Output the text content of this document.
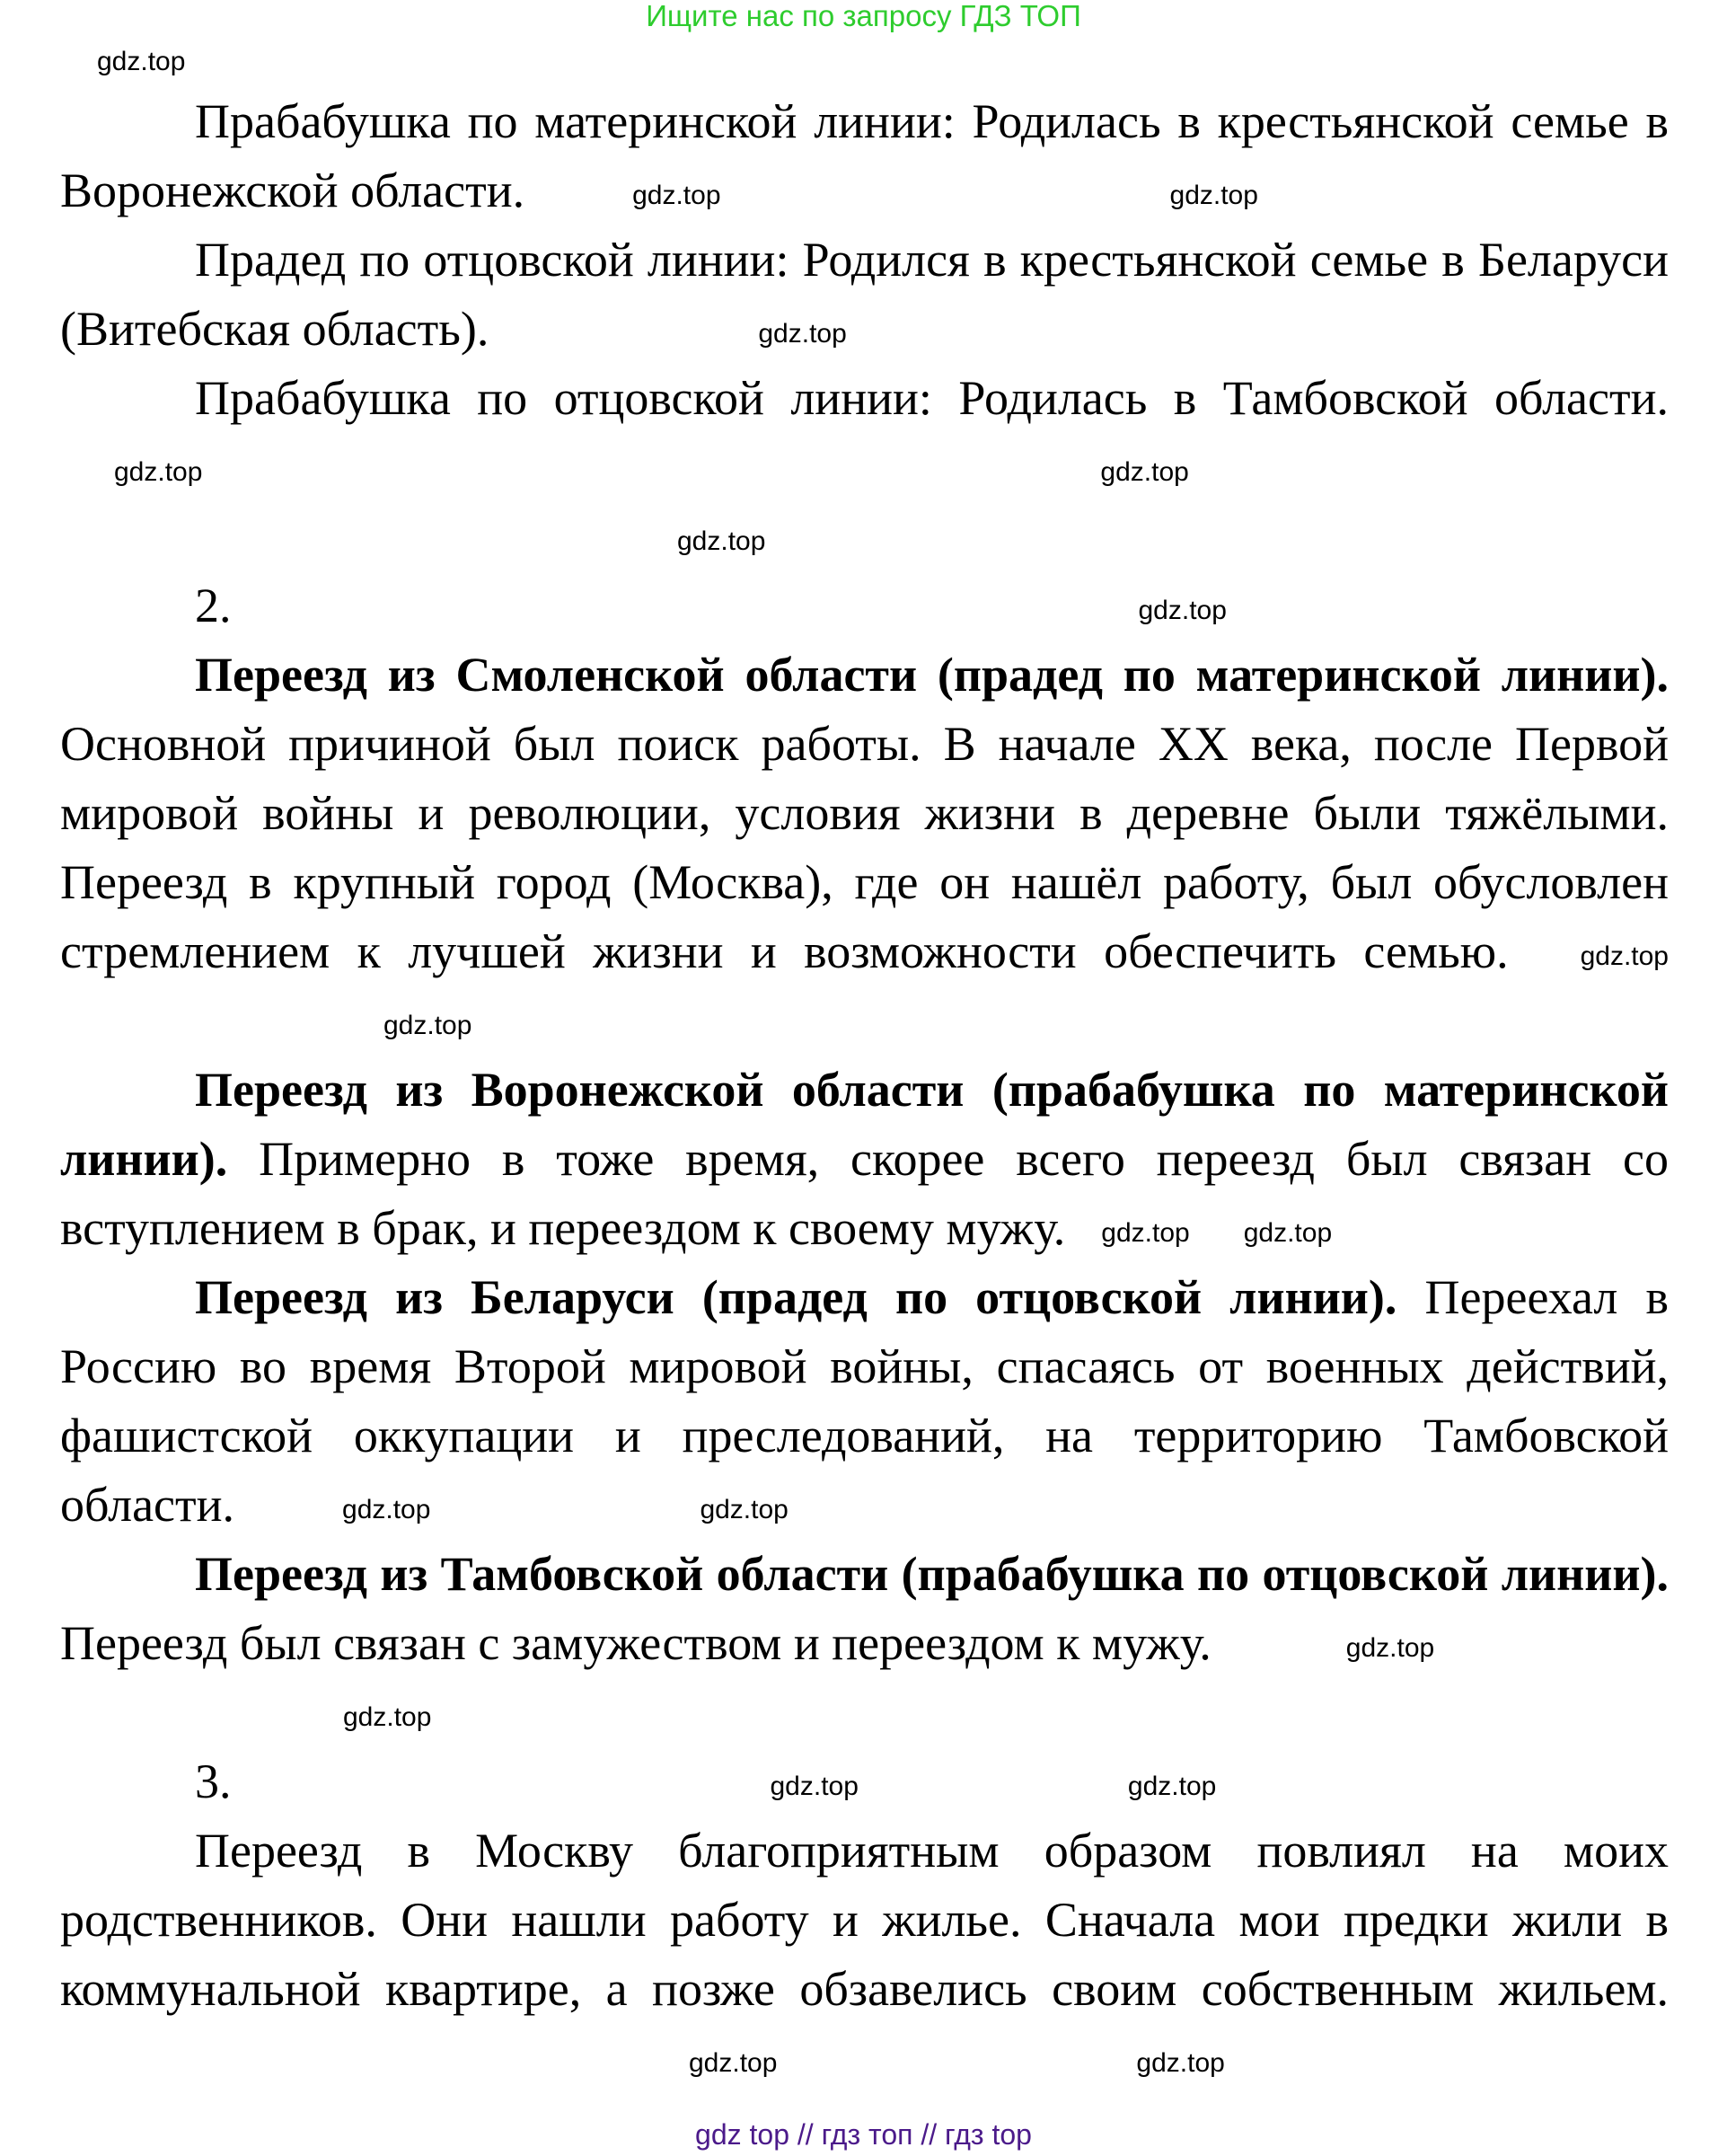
Ищите нас по запросу ГДЗ ТОП
gdz.top

Прабабушка по материнской линии: Родилась в крестьянской семье в Воронежской области.	gdz.top	gdz.top

Прадед по отцовской линии: Родился в крестьянской семье в Беларуси (Витебская область).	gdz.top

Прабабушка по отцовской линии: Родилась в Тамбовской области.gdz.top	gdz.top

gdz.top

2.	gdz.top

Переезд из Смоленской области (прадед по материнской линии). Основной причиной был поиск работы. В начале XX века, после Первой мировой войны и революции, условия жизни в деревне были тяжёлыми. Переезд в крупный город (Москва), где он нашёл работу, был обусловлен стремлением к лучшей жизни и возможности обеспечить семью.	gdz.topgdz.top

Переезд из Воронежской области (прабабушка по материнской линии). Примерно в тоже время, скорее всего переезд был связан со вступлением в брак, и переездом к своему мужу. gdz.top gdz.top

Переезд из Беларуси (прадед по отцовской линии). Переехал в Россию во время Второй мировой войны, спасаясь от военных действий, фашистской оккупации и преследований, на территорию Тамбовской области.	gdz.top	gdz.top

Переезд из Тамбовской области (прабабушка по отцовской линии). Переезд был связан с замужеством и переездом к мужу.	gdz.top

gdz.top

3.	gdz.top	gdz.top

Переезд в Москву благоприятным образом повлиял на моих родственников. Они нашли работу и жилье. Сначала мои предки жили в коммунальной квартире, а позже обзавелись своим собственным жильем.gdz.top	gdz.top

gdz top // гдз топ // гдз top
